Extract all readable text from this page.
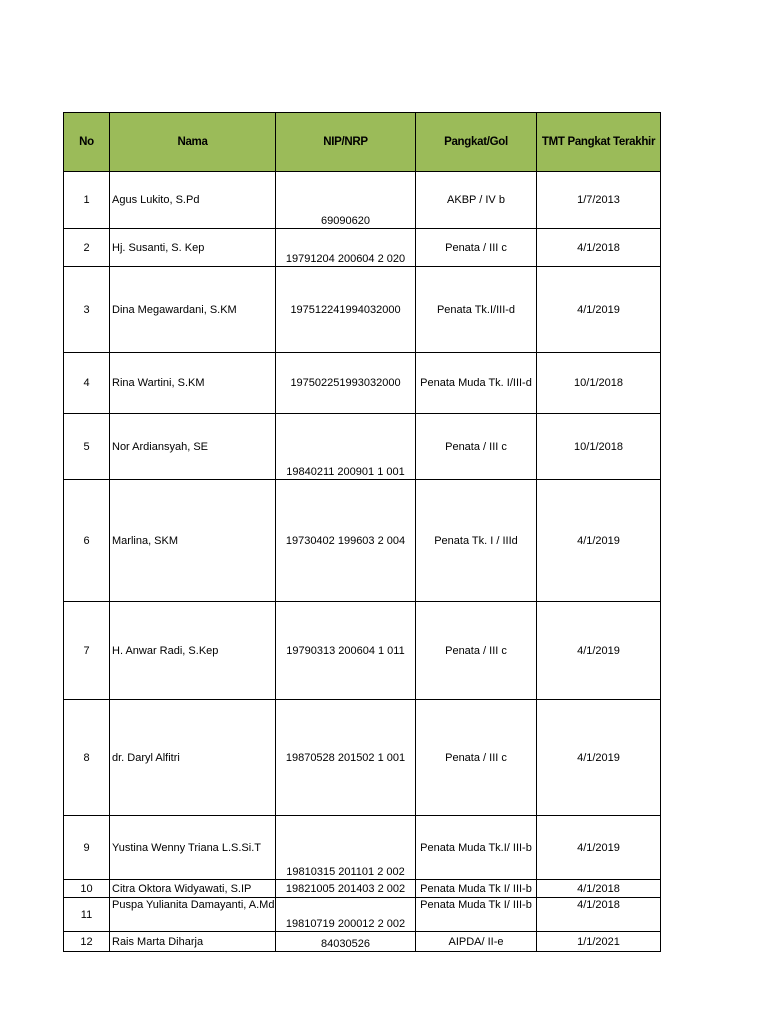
No	Nama	NIP/NRP	Pangkat/Gol	TMT Pangkat Terakhir
1	Agus Lukito, S.Pd	69090620	AKBP / IV b	1/7/2013
2	Hj. Susanti, S. Kep	19791204 200604 2 020	Penata / III c	4/1/2018
3	Dina Megawardani, S.KM	197512241994032000	Penata Tk.I/III-d	4/1/2019
4	Rina Wartini, S.KM	197502251993032000	Penata Muda Tk. I/III-d	10/1/2018
5	Nor Ardiansyah, SE	19840211 200901 1 001	Penata / III c	10/1/2018
6	Marlina, SKM	19730402 199603 2 004	Penata Tk. I / IIId	4/1/2019
7	H. Anwar Radi, S.Kep	19790313 200604 1 011	Penata / III c	4/1/2019
8	dr. Daryl Alfitri	19870528 201502 1 001	Penata / III c	4/1/2019
9	Yustina Wenny Triana L.S.Si.T	19810315 201101 2 002	Penata Muda Tk.I/ III-b	4/1/2019
10	Citra Oktora Widyawati, S.IP	19821005 201403 2 002	Penata Muda Tk I/ III-b	4/1/2018
11	Puspa Yulianita Damayanti, A.Md	19810719 200012 2 002	Penata Muda Tk I/ III-b	4/1/2018
12	Rais Marta Diharja	84030526	AIPDA/ II-e	1/1/2021
